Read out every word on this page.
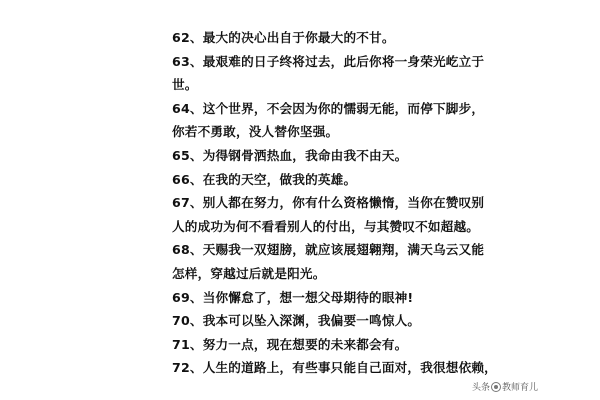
62、最大的决心出自于你最大的不甘。
63、最艰难的日子终将过去，此后你将一身荣光屹立于
世。
64、这个世界，不会因为你的懦弱无能，而停下脚步，
你若不勇敢，没人替你坚强。
65、为得钢骨洒热血，我命由我不由天。
66、在我的天空，做我的英雄。
67、别人都在努力，你有什么资格懒惰，当你在赞叹别
人的成功为何不看看别人的付出，与其赞叹不如超越。
68、天赐我一双翅膀，就应该展翅翱翔，满天乌云又能
怎样，穿越过后就是阳光。
69、当你懈怠了，想一想父母期待的眼神!
70、我本可以坠入深渊，我偏要一鸣惊人。
71、努力一点，现在想要的未来都会有。
72、人生的道路上，有些事只能自己面对，我很想依赖，
头条 教师育儿
